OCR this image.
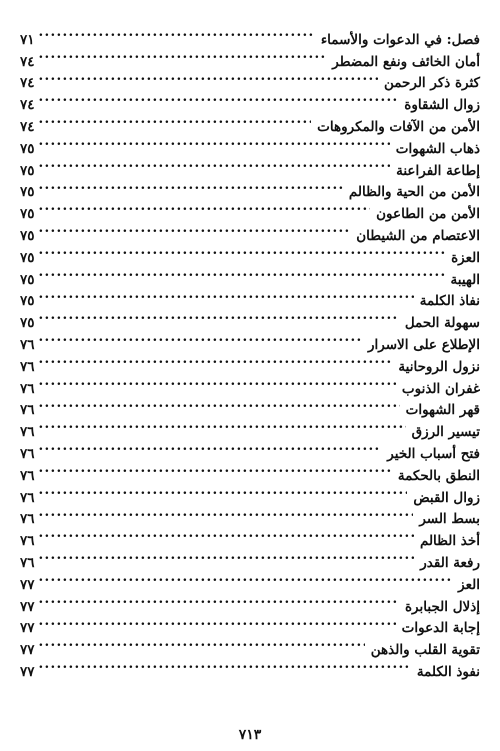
فصل: في الدعوات والأسماء
.....
٧١
أمان الخائف ونفع المضطر
.....
٧٤
كثرة ذكر الرحمن
.....
٧٤
زوال الشقاوة
.....
٧٤
الأمن من الآفات والمكروهات
.....
٧٤
ذهاب الشهوات
.....
٧٥
إطاعة الفراعنة
.....
٧٥
الأمن من الحية والظالم
.....
٧٥
الأمن من الطاعون
.....
٧٥
الاعتصام من الشيطان
.....
٧٥
العزة
.....
٧٥
الهيبة
.....
٧٥
نفاذ الكلمة
.....
٧٥
سهولة الحمل
.....
٧٥
الإطلاع على الاسرار
.....
٧٦
نزول الروحانية
.....
٧٦
غفران الذنوب
.....
٧٦
قهر الشهوات
.....
٧٦
تيسير الرزق
.....
٧٦
فتح أسباب الخير
.....
٧٦
النطق بالحكمة
.....
٧٦
زوال القبض
.....
٧٦
بسط السر
.....
٧٦
أخذ الظالم
.....
٧٦
رفعة القدر
.....
٧٦
العز
.....
٧٧
إذلال الجبابرة
.....
٧٧
إجابة الدعوات
.....
٧٧
تقوية القلب والذهن
.....
٧٧
نفوذ الكلمة
.....
٧٧
٧١٣
